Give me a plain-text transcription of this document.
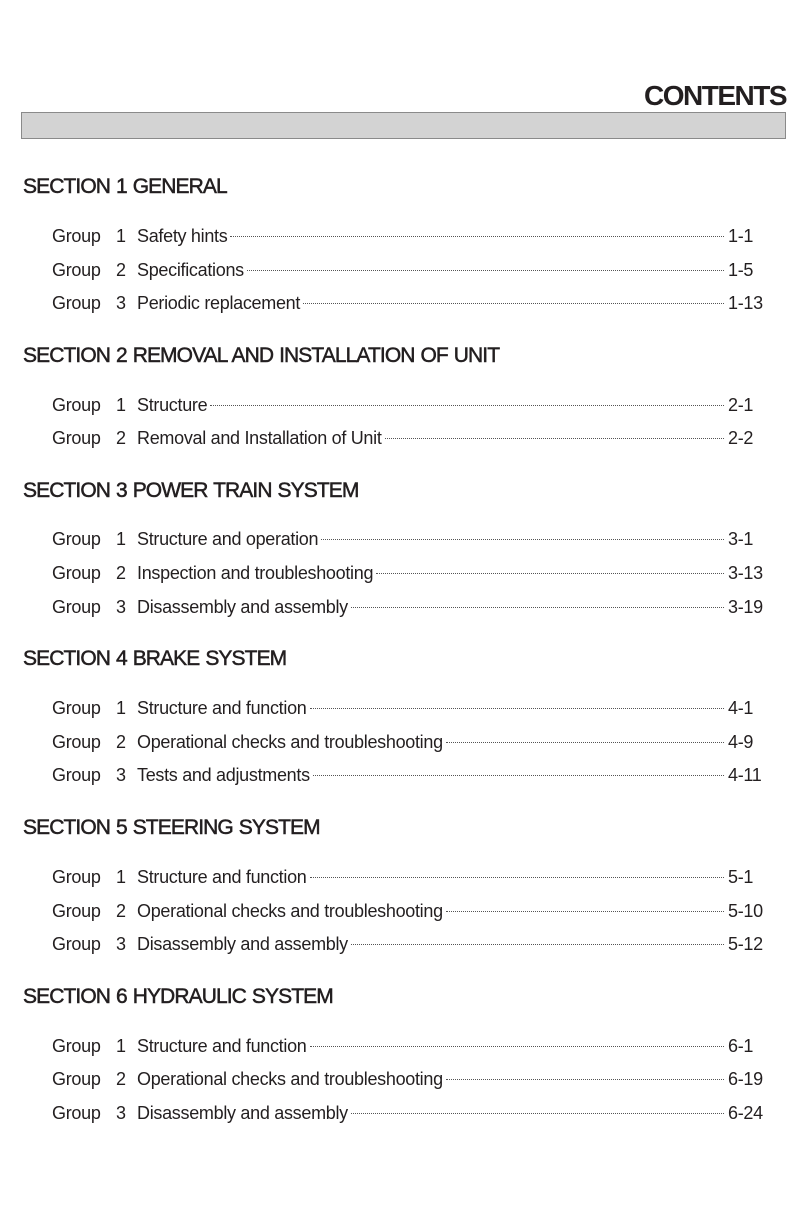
CONTENTS
SECTION 1 GENERAL
Group 1 Safety hints	1-1
Group 2 Specifications	1-5
Group 3 Periodic replacement	1-13
SECTION 2 REMOVAL AND INSTALLATION OF UNIT
Group 1 Structure	2-1
Group 2 Removal and Installation of Unit	2-2
SECTION 3 POWER TRAIN SYSTEM
Group 1 Structure and operation	3-1
Group 2 Inspection and troubleshooting	3-13
Group 3 Disassembly and assembly	3-19
SECTION 4 BRAKE SYSTEM
Group 1 Structure and function	4-1
Group 2 Operational checks and troubleshooting	4-9
Group 3 Tests and adjustments	4-11
SECTION 5 STEERING SYSTEM
Group 1 Structure and function	5-1
Group 2 Operational checks and troubleshooting	5-10
Group 3 Disassembly and assembly	5-12
SECTION 6 HYDRAULIC SYSTEM
Group 1 Structure and function	6-1
Group 2 Operational checks and troubleshooting	6-19
Group 3 Disassembly and assembly	6-24
